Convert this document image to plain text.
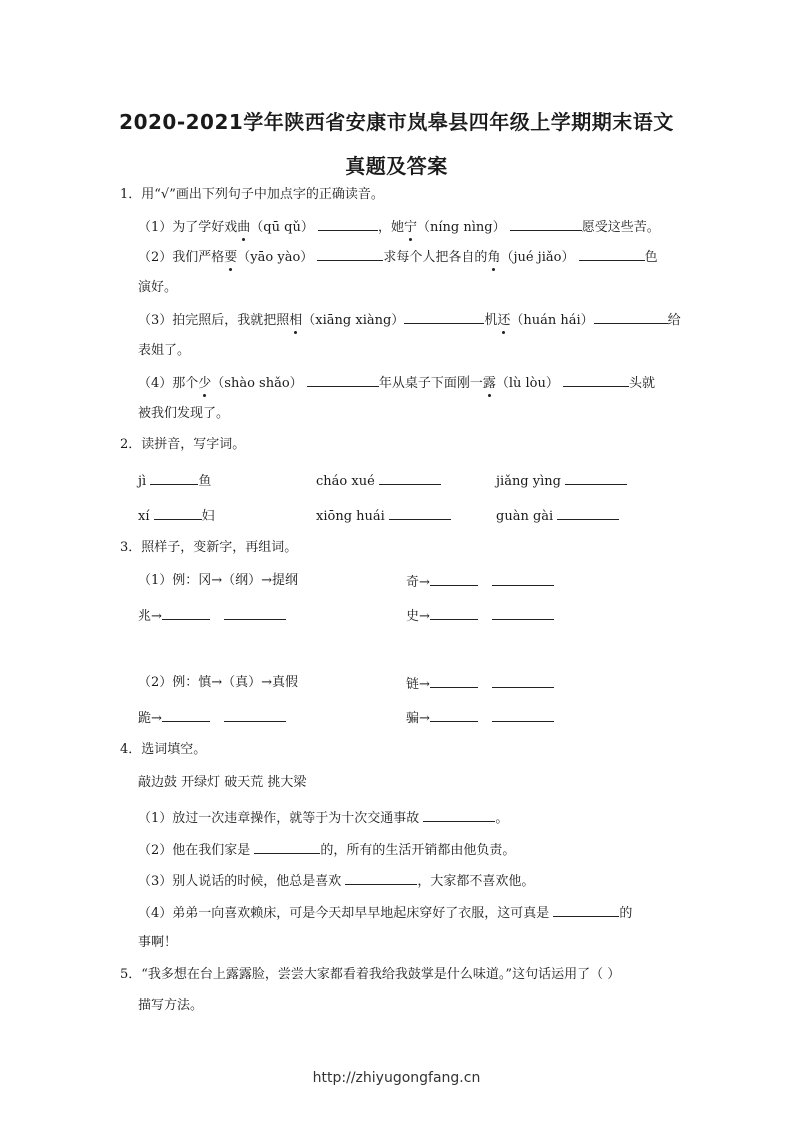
2020-2021学年陕西省安康市岚皋县四年级上学期期末语文
真题及答案
1．用“√”画出下列句子中加点字的正确读音。
（1）为了学好戏曲（qū qǔ）	，她宁（níng nìng）	愿受这些苦。
（2）我们严格要（yāo yào）	求每个人把各自的角（jué jiǎo）	色
演好。
（3）拍完照后，我就把照相（xiāng xiàng）	机还（huán hái）	给
表姐了。
（4）那个少（shào shǎo）	年从桌子下面刚一露（lù lòu）	头就
被我们发现了。
2．读拼音，写字词。
jì	鱼	cháo xué	jiǎng yìng
xí	妇	xiōng huái	guàn gài
3．照样子，变新字，再组词。
（1）例：冈→（纲）→提纲	奇→
兆→	史→
（2）例：慎→（真）→真假	链→
跪→	骗→
4．选词填空。
敲边鼓 开绿灯 破天荒 挑大梁
（1）放过一次违章操作，就等于为十次交通事故	。
（2）他在我们家是	的，所有的生活开销都由他负责。
（3）别人说话的时候，他总是喜欢	，大家都不喜欢他。
（4）弟弟一向喜欢赖床，可是今天却早早地起床穿好了衣服，这可真是	的
事啊！
5．“我多想在台上露露脸，尝尝大家都看着我给我鼓掌是什么味道。”这句话运用了（ ）
描写方法。
http://zhiyugongfang.cn
